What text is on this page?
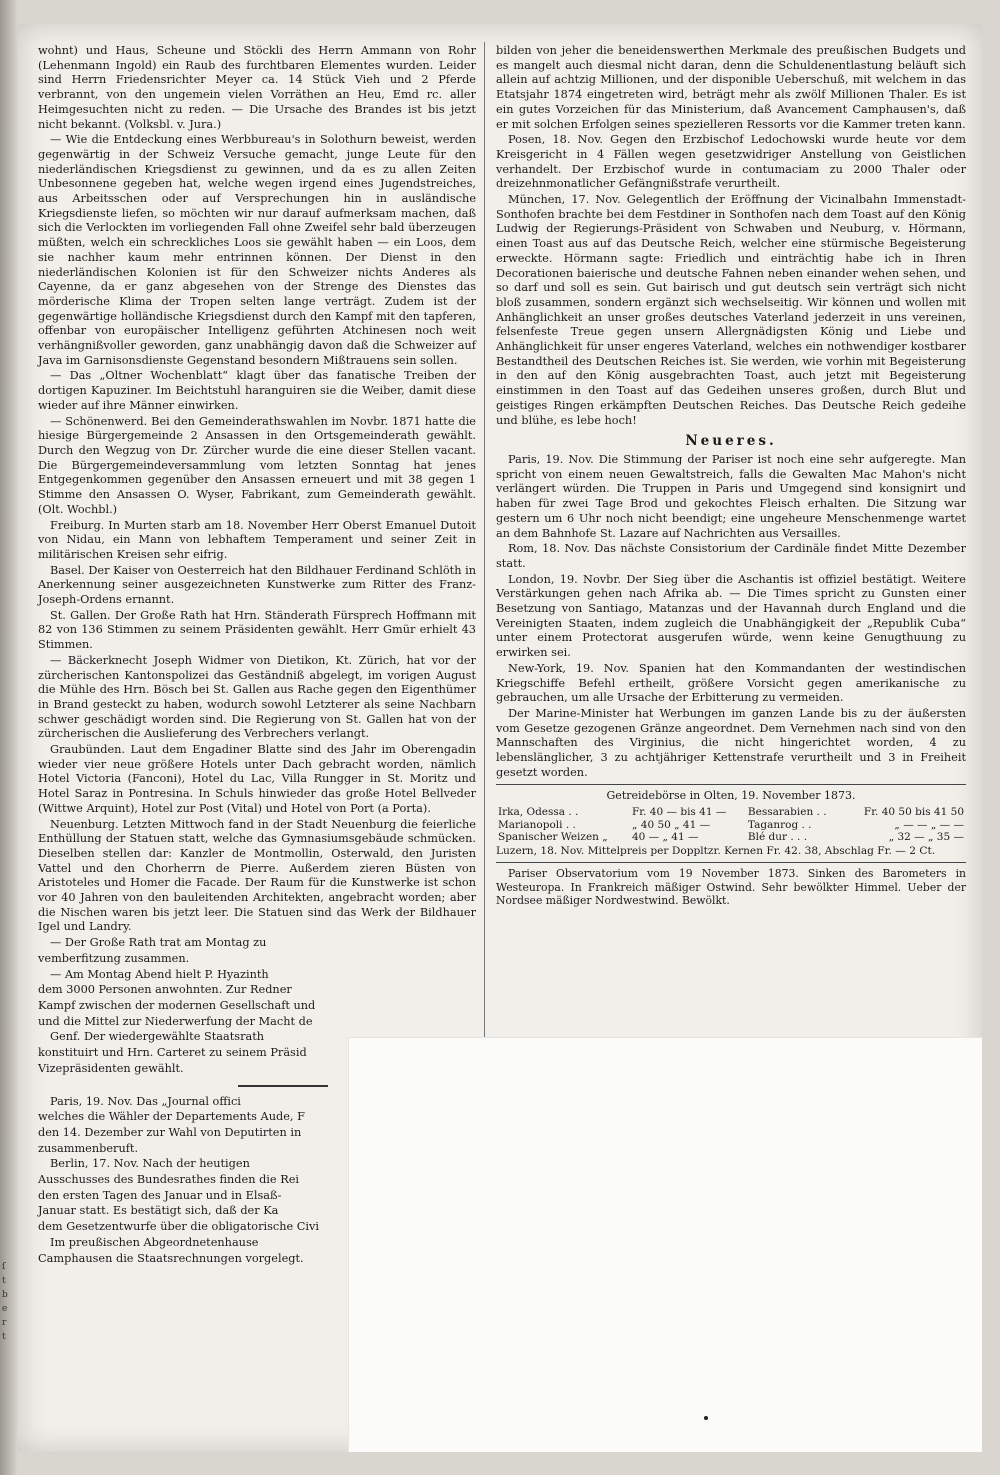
wohnt) und Haus, Scheune und Stöckli des Herrn Ammann von Rohr (Lehenmann Ingold) ein Raub des furchtbaren Elementes wurden. Leider sind Herrn Friedensrichter Meyer ca. 14 Stück Vieh und 2 Pferde verbrannt, von den ungemein vielen Vorräthen an Heu, Emd rc. aller Heimgesuchten nicht zu reden. — Die Ursache des Brandes ist bis jetzt nicht bekannt. (Volksbl. v. Jura.)

— Wie die Entdeckung eines Werbbureau's in Solothurn beweist, werden gegenwärtig in der Schweiz Versuche gemacht, junge Leute für den niederländischen Kriegsdienst zu gewinnen, und da es zu allen Zeiten Unbesonnene gegeben hat, welche wegen irgend eines Jugendstreiches, aus Arbeitsschen oder auf Versprechungen hin in ausländische Kriegsdienste liefen, so möchten wir nur darauf aufmerksam machen, daß sich die Verlockten im vorliegenden Fall ohne Zweifel sehr bald überzeugen müßten, welch ein schreckliches Loos sie gewählt haben — ein Loos, dem sie nachher kaum mehr entrinnen können. Der Dienst in den niederländischen Kolonien ist für den Schweizer nichts Anderes als Cayenne, da er ganz abgesehen von der Strenge des Dienstes das mörderische Klima der Tropen selten lange verträgt. Zudem ist der gegenwärtige holländische Kriegsdienst durch den Kampf mit den tapferen, offenbar von europäischer Intelligenz geführten Atchinesen noch weit verhängnißvoller geworden, ganz unabhängig davon daß die Schweizer auf Java im Garnisonsdienste Gegenstand besondern Mißtrauens sein sollen.

— Das „Oltner Wochenblatt“ klagt über das fanatische Treiben der dortigen Kapuziner. Im Beichtstuhl haranguiren sie die Weiber, damit diese wieder auf ihre Männer einwirken.

— Schönenwerd. Bei den Gemeinderathswahlen im Novbr. 1871 hatte die hiesige Bürgergemeinde 2 Ansassen in den Ortsgemeinderath gewählt. Durch den Wegzug von Dr. Zürcher wurde die eine dieser Stellen vacant. Die Bürgergemeindeversammlung vom letzten Sonntag hat jenes Entgegenkommen gegenüber den Ansassen erneuert und mit 38 gegen 1 Stimme den Ansassen O. Wyser, Fabrikant, zum Gemeinderath gewählt. (Olt. Wochbl.)

Freiburg. In Murten starb am 18. November Herr Oberst Emanuel Dutoit von Nidau, ein Mann von lebhaftem Temperament und seiner Zeit in militärischen Kreisen sehr eifrig.

Basel. Der Kaiser von Oesterreich hat den Bildhauer Ferdinand Schlöth in Anerkennung seiner ausgezeichneten Kunstwerke zum Ritter des Franz-Joseph-Ordens ernannt.

St. Gallen. Der Große Rath hat Hrn. Ständerath Fürsprech Hoffmann mit 82 von 136 Stimmen zu seinem Präsidenten gewählt. Herr Gmür erhielt 43 Stimmen.

— Bäckerknecht Joseph Widmer von Dietikon, Kt. Zürich, hat vor der zürcherischen Kantonspolizei das Geständniß abgelegt, im vorigen August die Mühle des Hrn. Bösch bei St. Gallen aus Rache gegen den Eigenthümer in Brand gesteckt zu haben, wodurch sowohl Letzterer als seine Nachbarn schwer geschädigt worden sind. Die Regierung von St. Gallen hat von der zürcherischen die Auslieferung des Verbrechers verlangt.

Graubünden. Laut dem Engadiner Blatte sind des Jahr im Oberengadin wieder vier neue größere Hotels unter Dach gebracht worden, nämlich Hotel Victoria (Fanconi), Hotel du Lac, Villa Rungger in St. Moritz und Hotel Saraz in Pontresina. In Schuls hinwieder das große Hotel Bellveder (Wittwe Arquint), Hotel zur Post (Vital) und Hotel von Port (a Porta).

Neuenburg. Letzten Mittwoch fand in der Stadt Neuenburg die feierliche Enthüllung der Statuen statt, welche das Gymnasiumsgebäude schmücken. Dieselben stellen dar: Kanzler de Montmollin, Osterwald, den Juristen Vattel und den Chorherrn de Pierre. Außerdem zieren Büsten von Aristoteles und Homer die Facade. Der Raum für die Kunstwerke ist schon vor 40 Jahren von den bauleitenden Architekten, angebracht worden; aber die Nischen waren bis jetzt leer. Die Statuen sind das Werk der Bildhauer Igel und Landry.

— Der Große Rath trat am Montag zu

vemberfitzung zusammen.

— Am Montag Abend hielt P. Hyazinth

dem 3000 Personen anwohnten. Zur Redner

Kampf zwischen der modernen Gesellschaft und

und die Mittel zur Niederwerfung der Macht de

Genf. Der wiedergewählte Staatsrath

konstituirt und Hrn. Carteret zu seinem Präsid

Vizepräsidenten gewählt.

Paris, 19. Nov. Das „Journal offici

welches die Wähler der Departements Aude, F

den 14. Dezember zur Wahl von Deputirten in

zusammenberuft.

Berlin, 17. Nov. Nach der heutigen

Ausschusses des Bundesrathes finden die Rei

den ersten Tagen des Januar und in Elsaß-

Januar statt. Es bestätigt sich, daß der Ka

dem Gesetzentwurfe über die obligatorische Civi

Im preußischen Abgeordnetenhause

Camphausen die Staatsrechnungen vorgelegt.

bilden von jeher die beneidenswerthen Merkmale des preußischen Budgets und es mangelt auch diesmal nicht daran, denn die Schuldenentlastung beläuft sich allein auf achtzig Millionen, und der disponible Ueberschuß, mit welchem in das Etatsjahr 1874 eingetreten wird, beträgt mehr als zwölf Millionen Thaler. Es ist ein gutes Vorzeichen für das Ministerium, daß Avancement Camphausen's, daß er mit solchen Erfolgen seines spezielleren Ressorts vor die Kammer treten kann.

Posen, 18. Nov. Gegen den Erzbischof Ledochowski wurde heute vor dem Kreisgericht in 4 Fällen wegen gesetzwidriger Anstellung von Geistlichen verhandelt. Der Erzbischof wurde in contumaciam zu 2000 Thaler oder dreizehnmonatlicher Gefängnißstrafe verurtheilt.

München, 17. Nov. Gelegentlich der Eröffnung der Vicinalbahn Immenstadt-Sonthofen brachte bei dem Festdiner in Sonthofen nach dem Toast auf den König Ludwig der Regierungs-Präsident von Schwaben und Neuburg, v. Hörmann, einen Toast aus auf das Deutsche Reich, welcher eine stürmische Begeisterung erweckte. Hörmann sagte: Friedlich und einträchtig habe ich in Ihren Decorationen baierische und deutsche Fahnen neben einander wehen sehen, und so darf und soll es sein. Gut bairisch und gut deutsch sein verträgt sich nicht bloß zusammen, sondern ergänzt sich wechselseitig. Wir können und wollen mit Anhänglichkeit an unser großes deutsches Vaterland jederzeit in uns vereinen, felsenfeste Treue gegen unsern Allergnädigsten König und Liebe und Anhänglichkeit für unser engeres Vaterland, welches ein nothwendiger kostbarer Bestandtheil des Deutschen Reiches ist. Sie werden, wie vorhin mit Begeisterung in den auf den König ausgebrachten Toast, auch jetzt mit Begeisterung einstimmen in den Toast auf das Gedeihen unseres großen, durch Blut und geistiges Ringen erkämpften Deutschen Reiches. Das Deutsche Reich gedeihe und blühe, es lebe hoch!

Neueres.

Paris, 19. Nov. Die Stimmung der Pariser ist noch eine sehr aufgeregte. Man spricht von einem neuen Gewaltstreich, falls die Gewalten Mac Mahon's nicht verlängert würden. Die Truppen in Paris und Umgegend sind konsignirt und haben für zwei Tage Brod und gekochtes Fleisch erhalten. Die Sitzung war gestern um 6 Uhr noch nicht beendigt; eine ungeheure Menschenmenge wartet an dem Bahnhofe St. Lazare auf Nachrichten aus Versailles.

Rom, 18. Nov. Das nächste Consistorium der Cardinäle findet Mitte Dezember statt.

London, 19. Novbr. Der Sieg über die Aschantis ist offiziel bestätigt. Weitere Verstärkungen gehen nach Afrika ab. — Die Times spricht zu Gunsten einer Besetzung von Santiago, Matanzas und der Havannah durch England und die Vereinigten Staaten, indem zugleich die Unabhängigkeit der „Republik Cuba“ unter einem Protectorat ausgerufen würde, wenn keine Genugthuung zu erwirken sei.

New-York, 19. Nov. Spanien hat den Kommandanten der westindischen Kriegschiffe Befehl ertheilt, größere Vorsicht gegen amerikanische zu gebrauchen, um alle Ursache der Erbitterung zu vermeiden.

Der Marine-Minister hat Werbungen im ganzen Lande bis zu der äußersten vom Gesetze gezogenen Gränze angeordnet. Dem Vernehmen nach sind von den Mannschaften des Virginius, die nicht hingerichtet worden, 4 zu lebenslänglicher, 3 zu achtjähriger Kettenstrafe verurtheilt und 3 in Freiheit gesetzt worden.

Getreidebörse in Olten, 19. November 1873.
Irka, Odessa . .	Fr. 40 — bis 41 —	Bessarabien . .	Fr. 40 50 bis 41 50
Marianopoli . .	„ 40 50 „ 41 —	Taganrog . .	„ — — „ — —
Spanischer Weizen „	40 — „ 41 —	Blé dur . . .	„ 32 — „ 35 —

Luzern, 18. Nov. Mittelpreis per Doppltzr. Kernen Fr. 42. 38, Abschlag Fr. — 2 Ct.

Pariser Observatorium vom 19 November 1873. Sinken des Barometers in Westeuropa. In Frankreich mäßiger Ostwind. Sehr bewölkter Himmel. Ueber der Nordsee mäßiger Nordwestwind. Bewölkt.

ſ
t
b
e
r
t
